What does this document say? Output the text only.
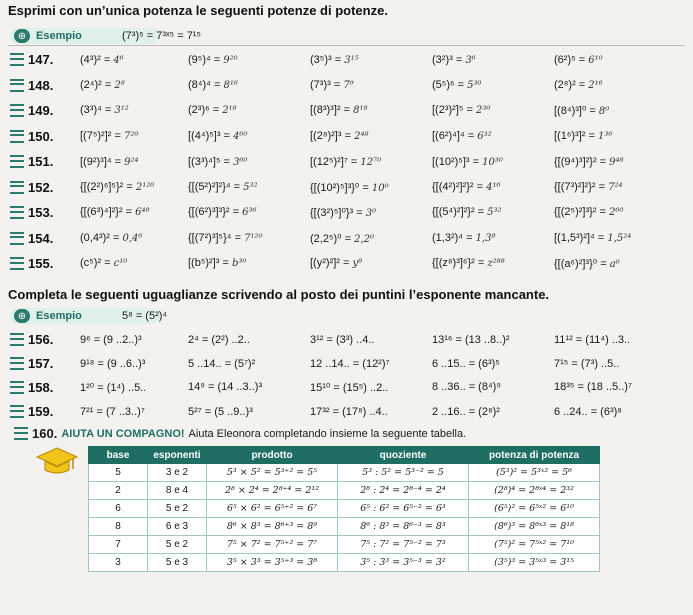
Esprimi con un’unica potenza le seguenti potenze di potenze.
⊕ Esempio	(7³)⁵ = 7³ˣ⁵ = 7¹⁵
147. (4³)² = 4⁶	(9⁵)⁴ = 9²⁰	(3⁵)³ = 3¹⁵	(3²)³ = 3⁶	(6²)⁵ = 6¹⁰
148. (2⁴)² = 2⁸	(8⁴)⁴ = 8¹⁶	(7³)³ = 7⁹	(5⁵)⁶ = 5³⁰	(2⁸)² = 2¹⁶
149. (3³)⁴ = 3¹²	(2³)⁶ = 2¹⁸	[(8³)³]² = 8¹⁸	[(2³)²]⁵ = 2³⁰	[(8⁴)³]⁰ = 8⁰
150. [(7⁵)²]² = 7²⁰	[(4⁴)⁵]³ = 4⁶⁰	[(2⁸)²]³ = 2⁴⁸	[(6²)⁴]⁴ = 6³²	[(1⁶)³]² = 1³⁶
151. [(9²)³]⁴ = 9²⁴	[(3³)⁴]⁵ = 3⁶⁰	[(12⁵)²]⁷ = 12⁷⁰	[(10²)⁵]³ = 10³⁰	{[(9⁴)³]²}² = 9⁴⁸
152. {[(2²)⁶]⁵}² = 2¹²⁰	{[(5²)²]²}⁴ = 5³²	{[(10²)⁵]³}⁰ = 10⁰	{[(4²)²]²}² = 4¹⁶	{[(7³)²]²}² = 7²⁴
153. {[(6³)⁴]²}² = 6⁴⁸	{[(6²)³]³}² = 6³⁶	{[(3²)⁵]⁰}³ = 3⁰	{[(5⁴)²]²}² = 5³²	{[(2⁵)²]³}² = 2⁶⁰
154. (0,4³)² = 0,4⁶	{[(7²)³]⁵}⁴ = 7¹²⁰	(2,2⁵)⁰ = 2,2⁰	(1,3²)⁴ = 1,3⁸	[(1,5³)²]⁴ = 1,5²⁴
155. (c⁵)² = c¹⁰	[(b⁵)²]³ = b³⁰	[(y²)²]² = y⁸	{[(z⁸)³]⁶}² = z²⁸⁸	{[(a⁶)²]³}⁰ = a⁰
Completa le seguenti uguaglianze scrivendo al posto dei puntini l’esponente mancante.
⊕ Esempio	5⁸ = (5²)⁴
156. 9⁶ = (9 ..2..)³	2⁴ = (2²) ..2..	3¹² = (3³) ..4..	13¹⁶ = (13 ..8..)²	11¹² = (11⁴) ..3..
157. 9¹⁸ = (9 ..6..)³	5 ..14.. = (5⁷)²	12 ..14.. = (12²)⁷	6 ..15.. = (6³)⁵	7¹⁵ = (7³) ..5..
158. 1²⁰ = (1⁴) ..5..	14⁹ = (14 ..3..)³	15¹⁰ = (15⁵) ..2..	8 ..36.. = (8⁴)⁹	18³⁵ = (18 ..5..)⁷
159. 7²¹ = (7 ..3..)⁷	5²⁷ = (5 ..9..)³	17³² = (17⁸) ..4..	2 ..16.. = (2⁸)²	6 ..24.. = (6³)⁸
160. AIUTA UN COMPAGNO! Aiuta Eleonora completando insieme la seguente tabella.
base	esponenti	prodotto	quoziente	potenza di potenza
5	3 e 2	5³ × 5² = 5³⁺² = 5⁵	5³ : 5² = 5³⁻² = 5	(5³)² = 5³ˣ² = 5⁶
2	8 e 4	2⁸ × 2⁴ = 2⁸⁺⁴ = 2¹²	2⁸ : 2⁴ = 2⁸⁻⁴ = 2⁴	(2⁸)⁴ = 2⁸ˣ⁴ = 2³²
6	5 e 2	6⁵ × 6² = 6⁵⁺² = 6⁷	6⁵ : 6² = 6⁵⁻² = 6³	(6⁵)² = 6⁵ˣ² = 6¹⁰
8	6 e 3	8⁶ × 8³ = 8⁶⁺³ = 8⁹	8⁶ : 8³ = 8⁶⁻³ = 8³	(8⁶)³ = 8⁶ˣ³ = 8¹⁸
7	5 e 2	7⁵ × 7² = 7⁵⁺² = 7⁷	7⁵ : 7² = 7⁵⁻² = 7³	(7⁵)² = 7⁵ˣ² = 7¹⁰
3	5 e 3	3⁵ × 3³ = 3⁵⁺³ = 3⁸	3⁵ : 3³ = 3⁵⁻³ = 3²	(3⁵)³ = 3⁵ˣ³ = 3¹⁵
